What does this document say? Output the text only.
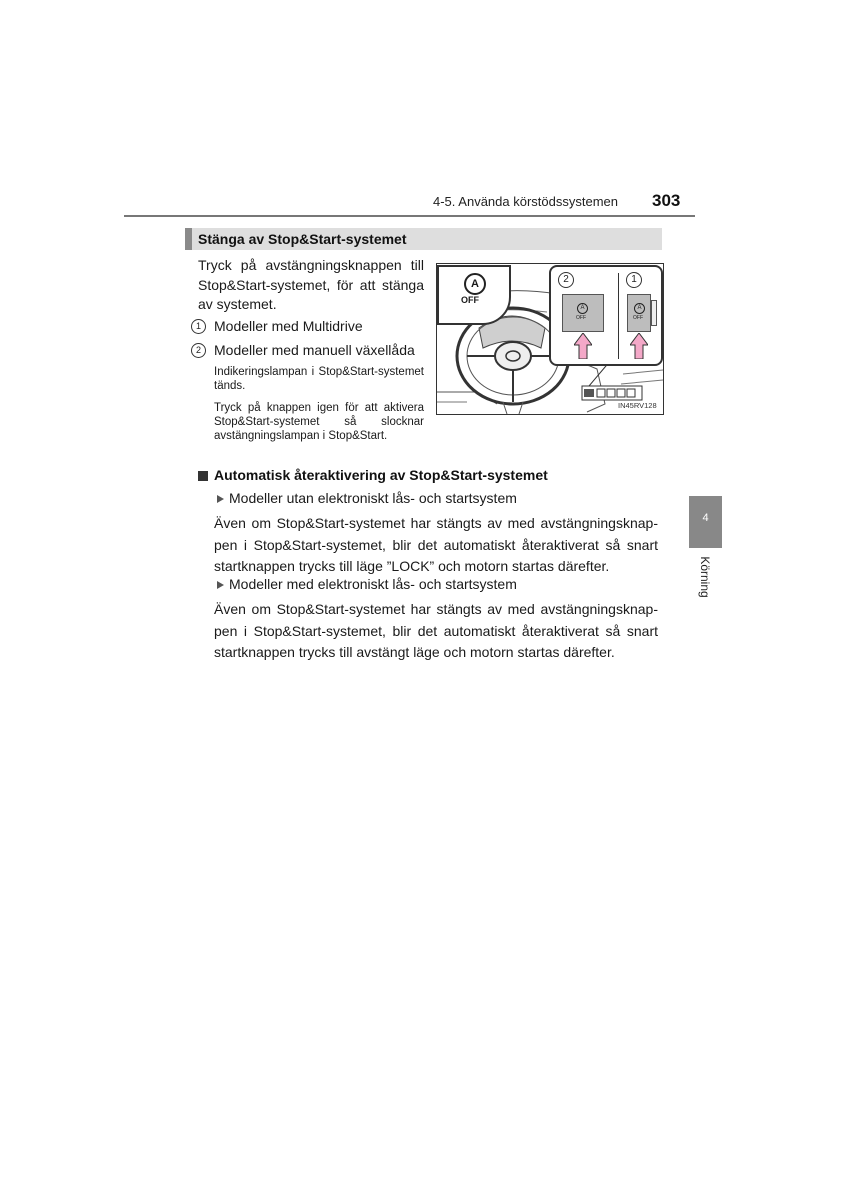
4-5. Använda körstödssystemen 303
Stänga av Stop&Start-systemet
Tryck på avstängningsknappen till Stop&Start-systemet, för att stänga av systemet.
1 Modeller med Multidrive
2 Modeller med manuell växellåda
Indikeringslampan i Stop&Start-systemet tänds.
Tryck på knappen igen för att aktivera Stop&Start-systemet så slocknar avstängningslampan i Stop&Start.
A
OFF
2	1
A
OFF
A
OFF
IN45RV128
Automatisk återaktivering av Stop&Start-systemet
Modeller utan elektroniskt lås- och startsystem
Även om Stop&Start-systemet har stängts av med avstängningsknap-pen i Stop&Start-systemet, blir det automatiskt återaktiverat så snart startknappen trycks till läge ”LOCK” och motorn startas därefter.
Modeller med elektroniskt lås- och startsystem
Även om Stop&Start-systemet har stängts av med avstängningsknap-pen i Stop&Start-systemet, blir det automatiskt återaktiverat så snart startknappen trycks till avstängt läge och motorn startas därefter.
4
Körning
